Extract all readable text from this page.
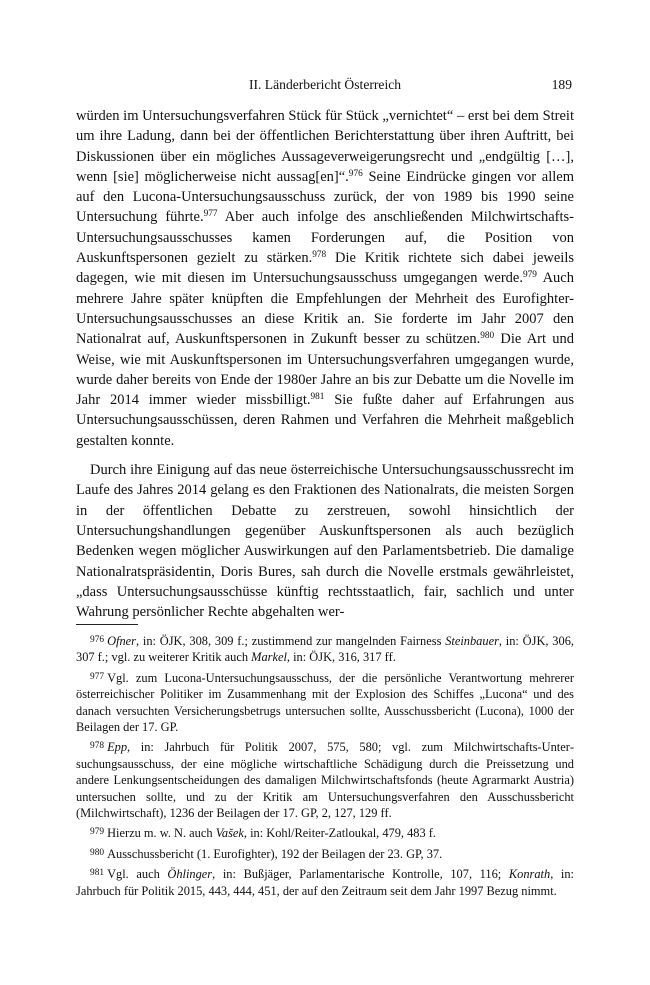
II. Länderbericht Österreich	189

würden im Untersuchungsverfahren Stück für Stück „vernichtet“ – erst bei dem Streit um ihre Ladung, dann bei der öffentlichen Berichterstattung über ihren Auftritt, bei Diskussionen über ein mögliches Aussageverweigerungsrecht und „endgültig […], wenn [sie] möglicherweise nicht aussag[en]“.$^{976}$ Seine Eindrücke gingen vor allem auf den Lucona-Untersuchungsausschuss zurück, der von 1989 bis 1990 seine Untersuchung führte.$^{977}$ Aber auch infolge des anschließenden Milchwirtschafts-Untersuchungsausschusses kamen Forderungen auf, die Position von Auskunftspersonen gezielt zu stärken.$^{978}$ Die Kritik richtete sich dabei jeweils dagegen, wie mit diesen im Untersuchungsausschuss umgegangen werde.$^{979}$ Auch mehrere Jahre später knüpften die Empfehlungen der Mehrheit des Eurofighter-Untersuchungsausschusses an diese Kritik an. Sie forderte im Jahr 2007 den Nationalrat auf, Auskunftspersonen in Zukunft besser zu schützen.$^{980}$ Die Art und Weise, wie mit Auskunftspersonen im Untersuchungsverfahren umgegangen wurde, wurde daher bereits von Ende der 1980er Jahre an bis zur Debatte um die Novelle im Jahr 2014 immer wieder missbilligt.$^{981}$ Sie fußte daher auf Erfahrungen aus Untersuchungsausschüssen, deren Rahmen und Verfahren die Mehrheit maßgeblich gestalten konnte.

Durch ihre Einigung auf das neue österreichische Untersuchungsausschussrecht im Laufe des Jahres 2014 gelang es den Fraktionen des Nationalrats, die meisten Sorgen in der öffentlichen Debatte zu zerstreuen, sowohl hinsichtlich der Untersuchungshandlungen gegenüber Auskunftspersonen als auch bezüglich Bedenken wegen möglicher Auswirkungen auf den Parlamentsbetrieb. Die damalige Nationalratspräsidentin, Doris Bures, sah durch die Novelle erstmals gewährleistet, „dass Untersuchungsausschüsse künftig rechtsstaatlich, fair, sachlich und unter Wahrung persönlicher Rechte abgehalten wer-

$^{976}$ Ofner, in: ÖJK, 308, 309 f.; zustimmend zur mangelnden Fairness Steinbauer, in: ÖJK, 306, 307 f.; vgl. zu weiterer Kritik auch Markel, in: ÖJK, 316, 317 ff.

$^{977}$ Vgl. zum Lucona-Untersuchungsausschuss, der die persönliche Verantwortung mehrerer österreichischer Politiker im Zusammenhang mit der Explosion des Schiffes „Lucona“ und des danach versuchten Versicherungsbetrugs untersuchen sollte, Ausschussbericht (Lucona), 1000 der Beilagen der 17. GP.

$^{978}$ Epp, in: Jahrbuch für Politik 2007, 575, 580; vgl. zum Milchwirtschafts-Untersuchungsausschuss, der eine mögliche wirtschaftliche Schädigung durch die Preissetzung und andere Lenkungsentscheidungen des damaligen Milchwirtschaftsfonds (heute Agrarmarkt Austria) untersuchen sollte, und zu der Kritik am Untersuchungsverfahren den Ausschussbericht (Milchwirtschaft), 1236 der Beilagen der 17. GP, 2, 127, 129 ff.

$^{979}$ Hierzu m. w. N. auch Vašek, in: Kohl/Reiter-Zatloukal, 479, 483 f.

$^{980}$ Ausschussbericht (1. Eurofighter), 192 der Beilagen der 23. GP, 37.

$^{981}$ Vgl. auch Öhlinger, in: Bußjäger, Parlamentarische Kontrolle, 107, 116; Konrath, in: Jahrbuch für Politik 2015, 443, 444, 451, der auf den Zeitraum seit dem Jahr 1997 Bezug nimmt.
